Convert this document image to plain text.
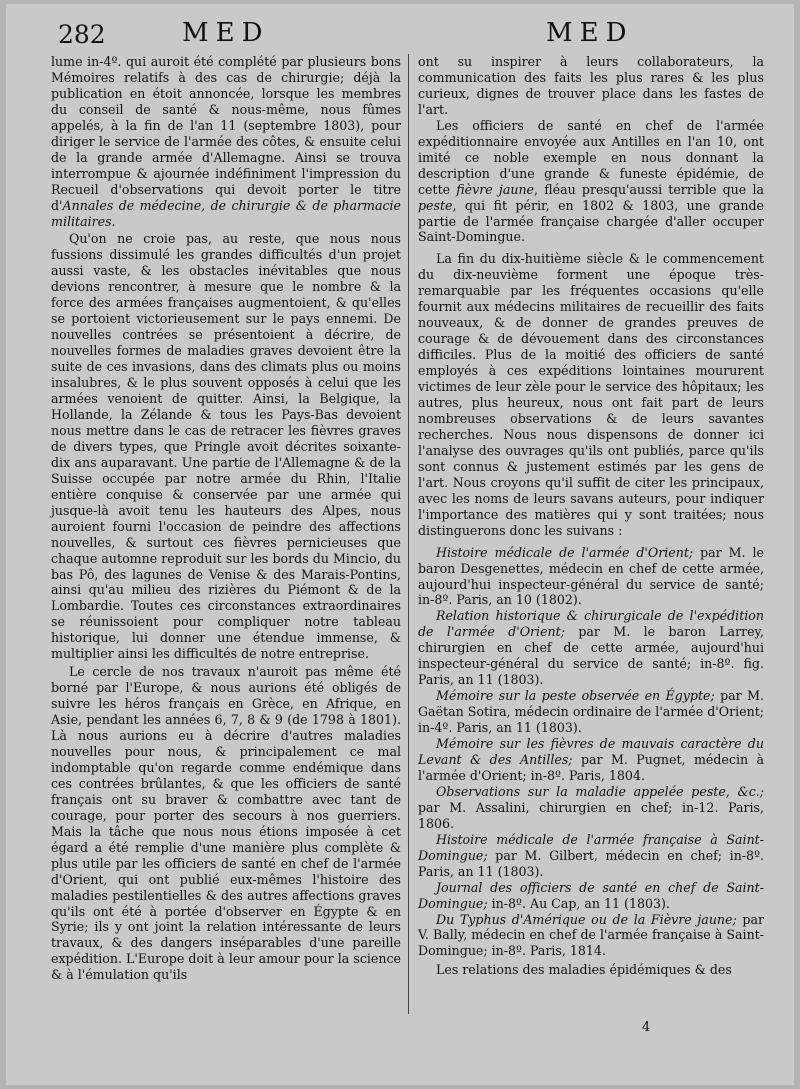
282	MED	MED

lume in-4º. qui auroit été complété par plusieurs bons Mémoires relatifs à des cas de chirurgie; déjà la publication en étoit annoncée, lorsque les membres du conseil de santé & nous-même, nous fûmes appelés, à la fin de l'an 11 (septembre 1803), pour diriger le service de l'armée des côtes, & ensuite celui de la grande armée d'Allemagne. Ainsi se trouva interrompue & ajournée indéfiniment l'impression du Recueil d'observations qui devoit porter le titre d'Annales de médecine, de chirurgie & de pharmacie militaires.

Qu'on ne croie pas, au reste, que nous nous fussions dissimulé les grandes difficultés d'un projet aussi vaste, & les obstacles inévitables que nous devions rencontrer, à mesure que le nombre & la force des armées françaises augmentoient, & qu'elles se portoient victorieusement sur le pays ennemi. De nouvelles contrées se présentoient à décrire, de nouvelles formes de maladies graves devoient être la suite de ces invasions, dans des climats plus ou moins insalubres, & le plus souvent opposés à celui que les armées venoient de quitter. Ainsi, la Belgique, la Hollande, la Zélande & tous les Pays-Bas devoient nous mettre dans le cas de retracer les fièvres graves de divers types, que Pringle avoit décrites soixante-dix ans auparavant. Une partie de l'Allemagne & de la Suisse occupée par notre armée du Rhin, l'Italie entière conquise & conservée par une armée qui jusque-là avoit tenu les hauteurs des Alpes, nous auroient fourni l'occasion de peindre des affections nouvelles, & surtout ces fièvres pernicieuses que chaque automne reproduit sur les bords du Mincio, du bas Pô, des lagunes de Venise & des Marais-Pontins, ainsi qu'au milieu des rizières du Piémont & de la Lombardie. Toutes ces circonstances extraordinaires se réunissoient pour compliquer notre tableau historique, lui donner une étendue immense, & multiplier ainsi les difficultés de notre entreprise.

Le cercle de nos travaux n'auroit pas même été borné par l'Europe, & nous aurions été obligés de suivre les héros français en Grèce, en Afrique, en Asie, pendant les années 6, 7, 8 & 9 (de 1798 à 1801). Là nous aurions eu à décrire d'autres maladies nouvelles pour nous, & principalement ce mal indomptable qu'on regarde comme endémique dans ces contrées brûlantes, & que les officiers de santé français ont su braver & combattre avec tant de courage, pour porter des secours à nos guerriers. Mais la tâche que nous nous étions imposée à cet égard a été remplie d'une manière plus complète & plus utile par les officiers de santé en chef de l'armée d'Orient, qui ont publié eux-mêmes l'histoire des maladies pestilentielles & des autres affections graves qu'ils ont été à portée d'observer en Égypte & en Syrie; ils y ont joint la relation intéressante de leurs travaux, & des dangers inséparables d'une pareille expédition. L'Europe doit à leur amour pour la science & à l'émulation qu'ils

ont su inspirer à leurs collaborateurs, la communication des faits les plus rares & les plus curieux, dignes de trouver place dans les fastes de l'art.

Les officiers de santé en chef de l'armée expéditionnaire envoyée aux Antilles en l'an 10, ont imité ce noble exemple en nous donnant la description d'une grande & funeste épidémie, de cette fièvre jaune, fléau presqu'aussi terrible que la peste, qui fit périr, en 1802 & 1803, une grande partie de l'armée française chargée d'aller occuper Saint-Domingue.

La fin du dix-huitième siècle & le commencement du dix-neuvième forment une époque très-remarquable par les fréquentes occasions qu'elle fournit aux médecins militaires de recueillir des faits nouveaux, & de donner de grandes preuves de courage & de dévouement dans des circonstances difficiles. Plus de la moitié des officiers de santé employés à ces expéditions lointaines moururent victimes de leur zèle pour le service des hôpitaux; les autres, plus heureux, nous ont fait part de leurs nombreuses observations & de leurs savantes recherches. Nous nous dispensons de donner ici l'analyse des ouvrages qu'ils ont publiés, parce qu'ils sont connus & justement estimés par les gens de l'art. Nous croyons qu'il suffit de citer les principaux, avec les noms de leurs savans auteurs, pour indiquer l'importance des matières qui y sont traitées; nous distinguerons donc les suivans :

Histoire médicale de l'armée d'Orient; par M. le baron Desgenettes, médecin en chef de cette armée, aujourd'hui inspecteur-général du service de santé; in-8º. Paris, an 10 (1802).

Relation historique & chirurgicale de l'expédition de l'armée d'Orient; par M. le baron Larrey, chirurgien en chef de cette armée, aujourd'hui inspecteur-général du service de santé; in-8º. fig. Paris, an 11 (1803).

Mémoire sur la peste observée en Égypte; par M. Gaëtan Sotira, médecin ordinaire de l'armée d'Orient; in-4º. Paris, an 11 (1803).

Mémoire sur les fièvres de mauvais caractère du Levant & des Antilles; par M. Pugnet, médecin à l'armée d'Orient; in-8º. Paris, 1804.

Observations sur la maladie appelée peste, &c.; par M. Assalini, chirurgien en chef; in-12. Paris, 1806.

Histoire médicale de l'armée française à Saint-Domingue; par M. Gilbert, médecin en chef; in-8º. Paris, an 11 (1803).

Journal des officiers de santé en chef de Saint-Domingue; in-8º. Au Cap, an 11 (1803).

Du Typhus d'Amérique ou de la Fièvre jaune; par V. Bally, médecin en chef de l'armée française à Saint-Domingue; in-8º. Paris, 1814.

Les relations des maladies épidémiques & des

4
